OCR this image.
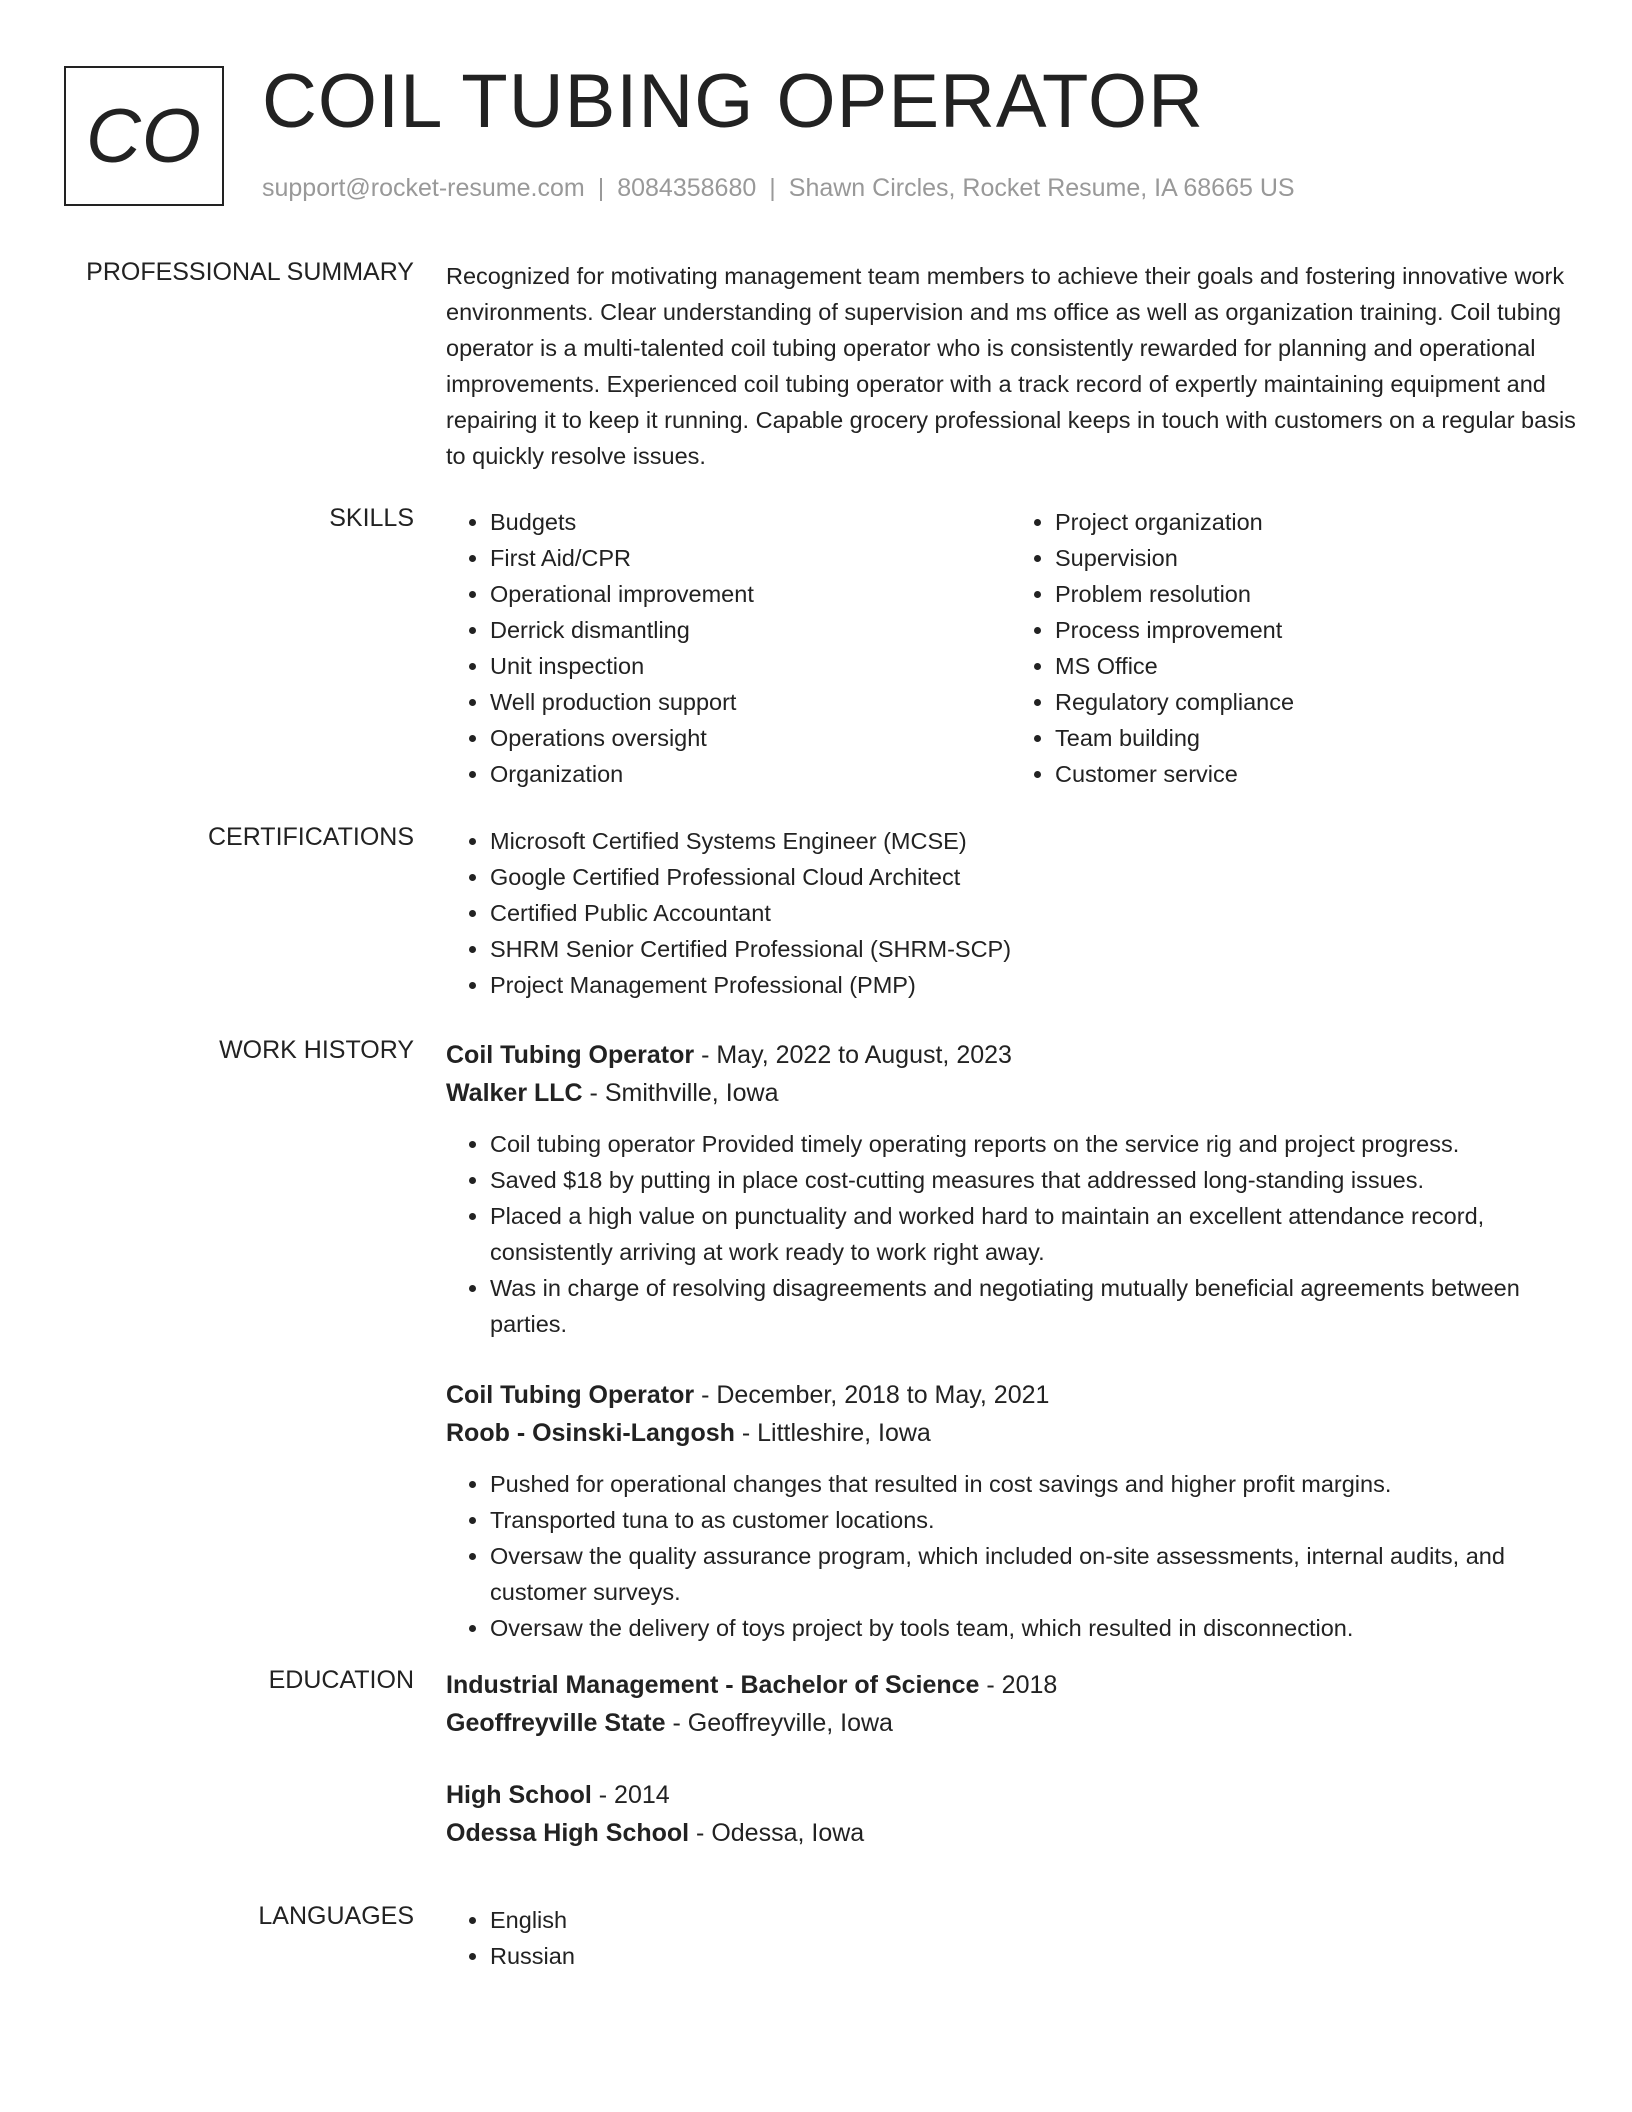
CO COIL TUBING OPERATOR
support@rocket-resume.com | 8084358680 | Shawn Circles, Rocket Resume, IA 68665 US
PROFESSIONAL SUMMARY Recognized for motivating management team members to achieve their goals and fostering innovative work environments. Clear understanding of supervision and ms office as well as organization training. Coil tubing operator is a multi-talented coil tubing operator who is consistently rewarded for planning and operational improvements. Experienced coil tubing operator with a track record of expertly maintaining equipment and repairing it to keep it running. Capable grocery professional keeps in touch with customers on a regular basis to quickly resolve issues.
SKILLS	• Budgets
• First Aid/CPR
• Operational improvement
• Derrick dismantling
• Unit inspection
• Well production support
• Operations oversight
• Organization
• Project organization
• Supervision
• Problem resolution
• Process improvement
• MS Office
• Regulatory compliance
• Team building
• Customer service
CERTIFICATIONS	• Microsoft Certified Systems Engineer (MCSE)
• Google Certified Professional Cloud Architect
• Certified Public Accountant
• SHRM Senior Certified Professional (SHRM-SCP)
• Project Management Professional (PMP)
WORK HISTORY Coil Tubing Operator - May, 2022 to August, 2023
Walker LLC - Smithville, Iowa
• Coil tubing operator Provided timely operating reports on the service rig and project progress.
• Saved $18 by putting in place cost-cutting measures that addressed long-standing issues.
• Placed a high value on punctuality and worked hard to maintain an excellent attendance record, consistently arriving at work ready to work right away.
• Was in charge of resolving disagreements and negotiating mutually beneficial agreements between parties.
Coil Tubing Operator - December, 2018 to May, 2021
Roob - Osinski-Langosh - Littleshire, Iowa
• Pushed for operational changes that resulted in cost savings and higher profit margins.
• Transported tuna to as customer locations.
• Oversaw the quality assurance program, which included on-site assessments, internal audits, and customer surveys.
• Oversaw the delivery of toys project by tools team, which resulted in disconnection.
EDUCATION Industrial Management - Bachelor of Science - 2018
Geoffreyville State - Geoffreyville, Iowa
High School - 2014
Odessa High School - Odessa, Iowa
LANGUAGES	• English
• Russian
